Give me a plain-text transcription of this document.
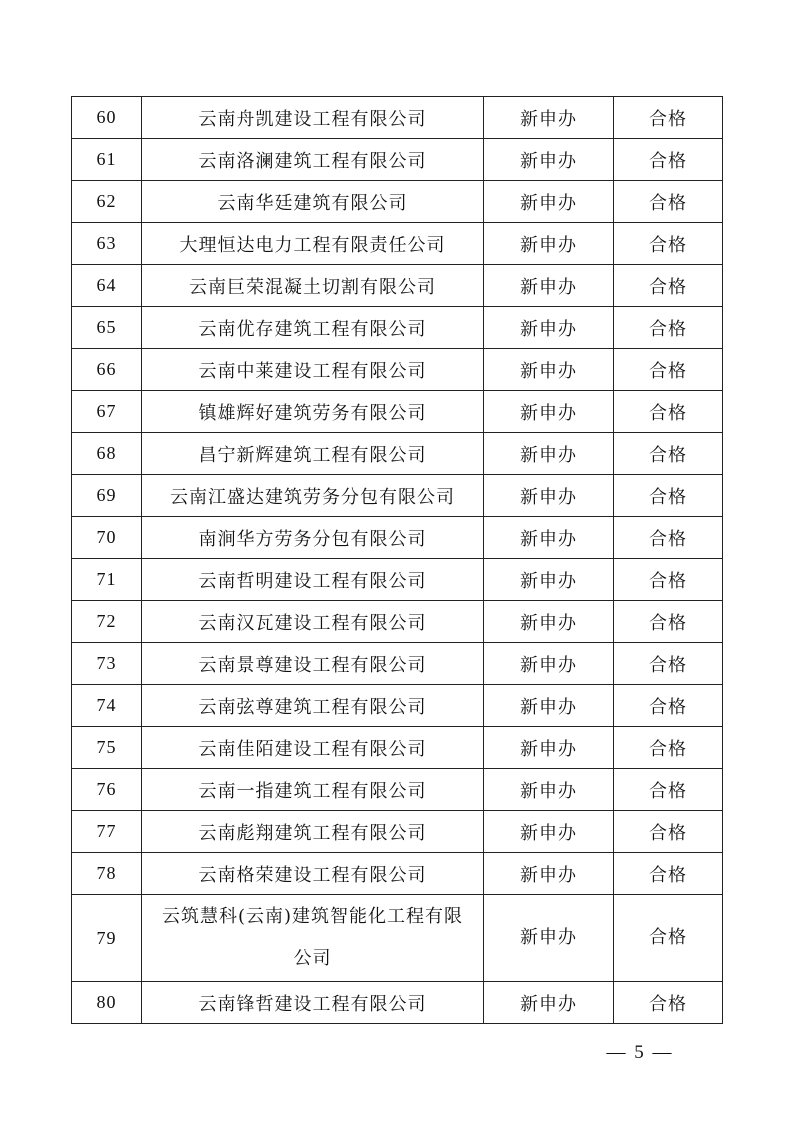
60	云南舟凯建设工程有限公司	新申办	合格
61	云南洛澜建筑工程有限公司	新申办	合格
62	云南华廷建筑有限公司	新申办	合格
63	大理恒达电力工程有限责任公司	新申办	合格
64	云南巨荣混凝土切割有限公司	新申办	合格
65	云南优存建筑工程有限公司	新申办	合格
66	云南中莱建设工程有限公司	新申办	合格
67	镇雄辉好建筑劳务有限公司	新申办	合格
68	昌宁新辉建筑工程有限公司	新申办	合格
69	云南江盛达建筑劳务分包有限公司	新申办	合格
70	南涧华方劳务分包有限公司	新申办	合格
71	云南哲明建设工程有限公司	新申办	合格
72	云南汉瓦建设工程有限公司	新申办	合格
73	云南景尊建设工程有限公司	新申办	合格
74	云南弦尊建筑工程有限公司	新申办	合格
75	云南佳陌建设工程有限公司	新申办	合格
76	云南一指建筑工程有限公司	新申办	合格
77	云南彪翔建筑工程有限公司	新申办	合格
78	云南格荣建设工程有限公司	新申办	合格
79	云筑慧科(云南)建筑智能化工程有限公司	新申办	合格
80	云南锋哲建设工程有限公司	新申办	合格
— 5 —
